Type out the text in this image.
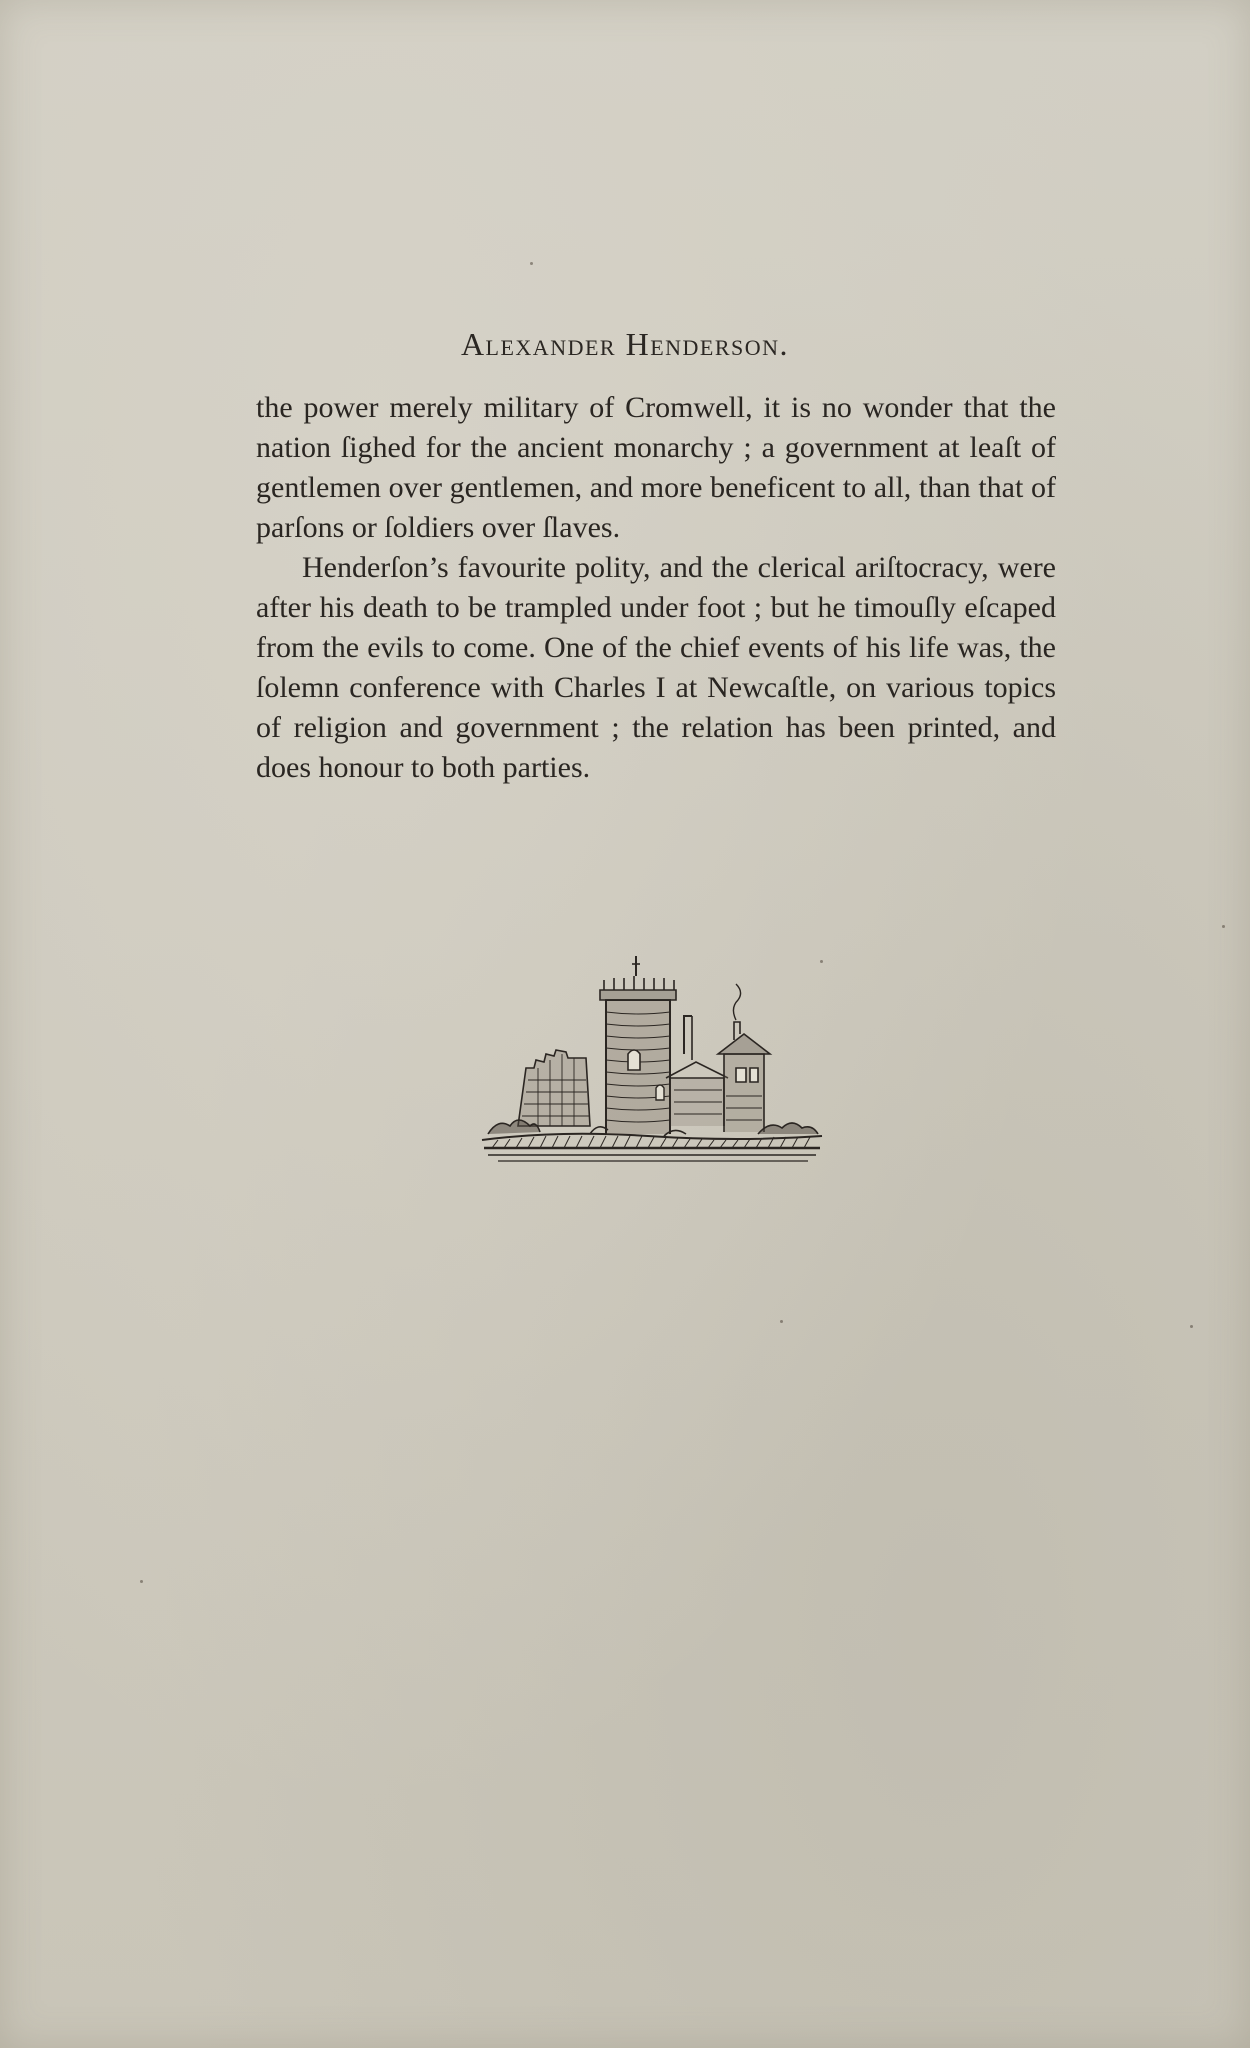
Alexander Henderson.

the power merely military of Cromwell, it is no wonder that the nation ſighed for the ancient monarchy ; a government at leaſt of gentlemen over gentlemen, and more beneficent to all, than that of parſons or ſoldiers over ſlaves.

Henderſon’s favourite polity, and the clerical ariſtocracy, were after his death to be trampled under foot ; but he timouſly eſcaped from the evils to come. One of the chief events of his life was, the ſolemn conference with Charles I at Newcaſtle, on various topics of religion and government ; the relation has been printed, and does honour to both parties.
